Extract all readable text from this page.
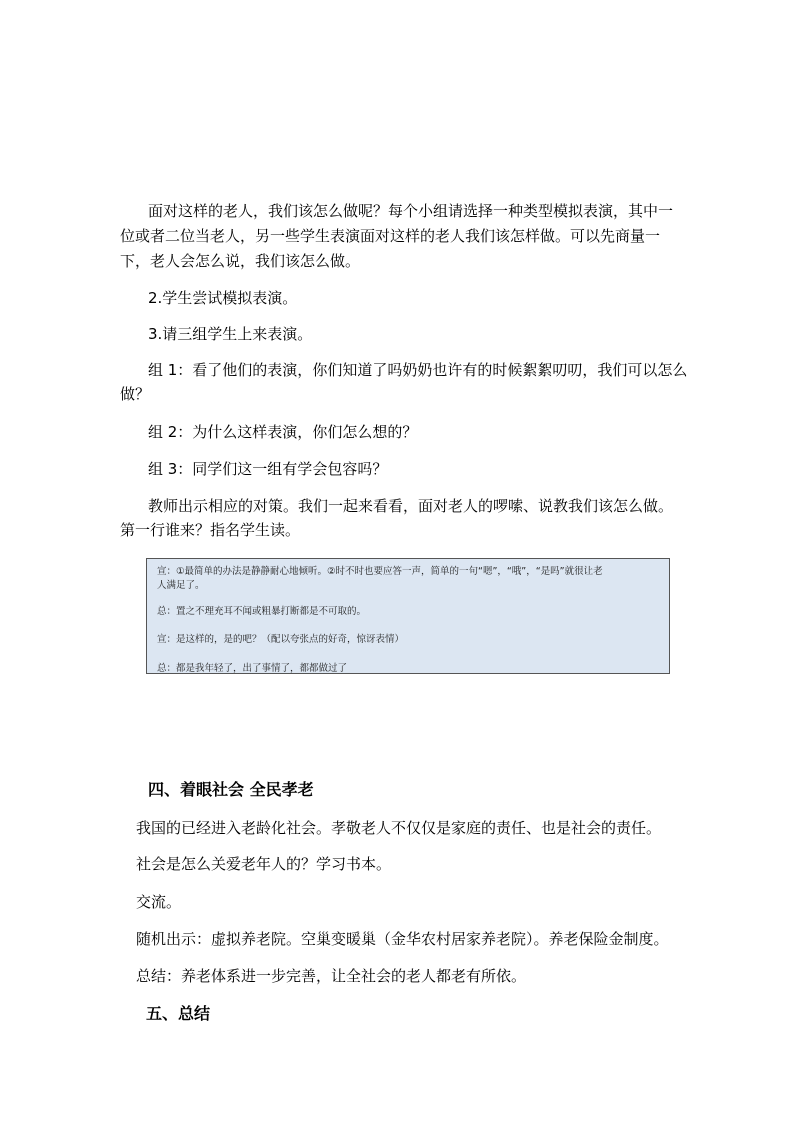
面对这样的老人，我们该怎么做呢？每个小组请选择一种类型模拟表演，其中一
位或者二位当老人，另一些学生表演面对这样的老人我们该怎样做。可以先商量一
下，老人会怎么说，我们该怎么做。
2.学生尝试模拟表演。
3.请三组学生上来表演。
组 1：看了他们的表演，你们知道了吗奶奶也许有的时候絮絮叨叨，我们可以怎么
做？
组 2：为什么这样表演，你们怎么想的？
组 3：同学们这一组有学会包容吗？
教师出示相应的对策。我们一起来看看，面对老人的啰嗦、说教我们该怎么做。
第一行谁来？指名学生读。
宣：①最简单的办法是静静耐心地倾听。②时不时也要应答一声，简单的一句“嗯”，“哦”，“是吗”就很让老
人满足了。
总：置之不理充耳不闻或粗暴打断都是不可取的。
宣：是这样的，是的吧？（配以夸张点的好奇，惊讶表情）
总：都是我年轻了，出了事情了，都都做过了
四、着眼社会 全民孝老
我国的已经进入老龄化社会。孝敬老人不仅仅是家庭的责任、也是社会的责任。
社会是怎么关爱老年人的？学习书本。
交流。
随机出示：虚拟养老院。空巢变暖巢（金华农村居家养老院）。养老保险金制度。
总结：养老体系进一步完善，让全社会的老人都老有所依。
五、总结
